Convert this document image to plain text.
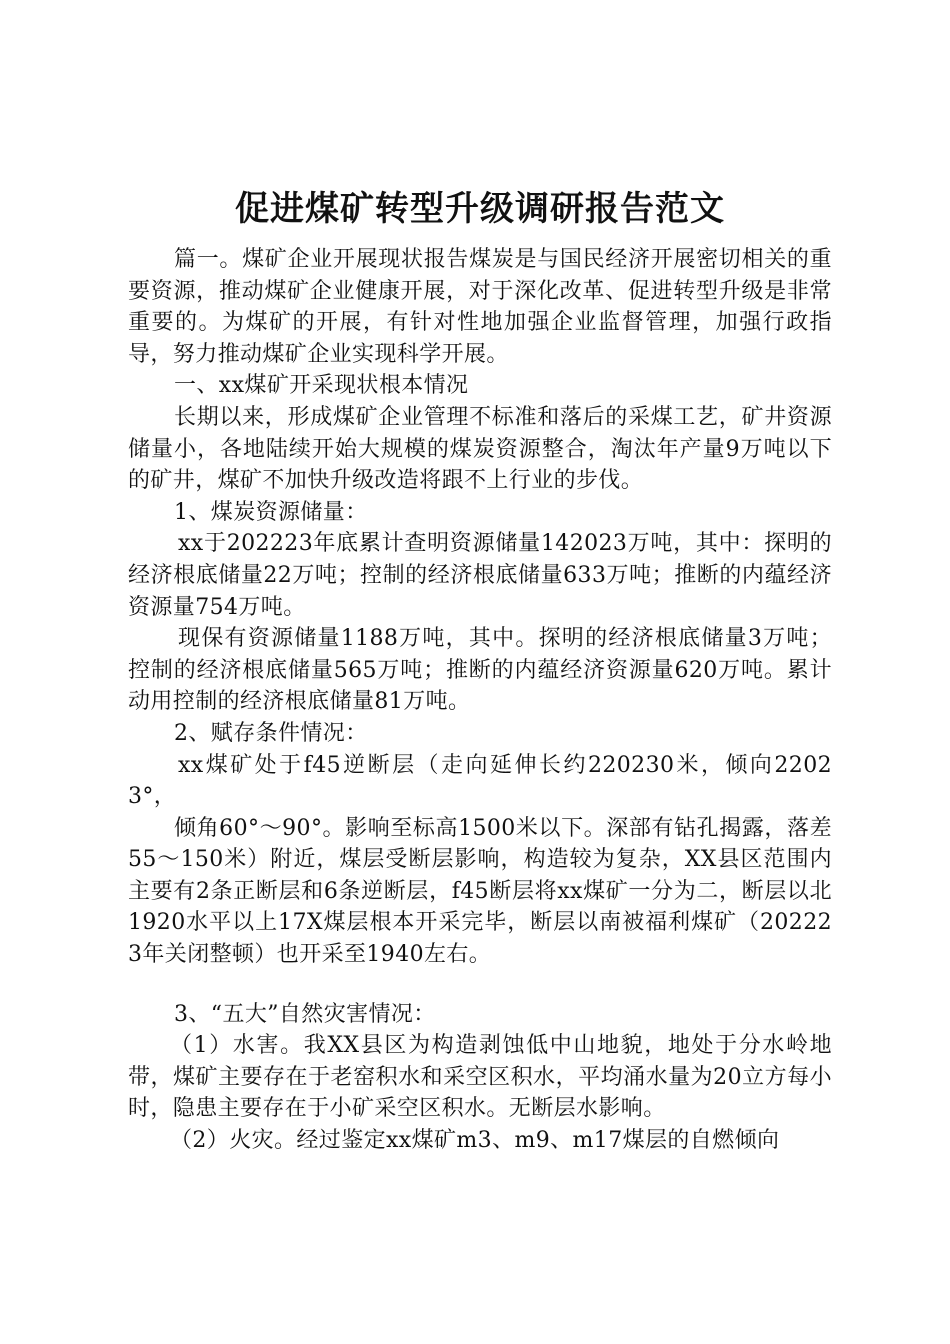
促进煤矿转型升级调研报告范文

篇一。煤矿企业开展现状报告煤炭是与国民经济开展密切相关的重要资源，推动煤矿企业健康开展，对于深化改革、促进转型升级是非常重要的。为煤矿的开展，有针对性地加强企业监督管理，加强行政指导，努力推动煤矿企业实现科学开展。

一、xx煤矿开采现状根本情况

长期以来，形成煤矿企业管理不标准和落后的采煤工艺，矿井资源储量小，各地陆续开始大规模的煤炭资源整合，淘汰年产量9万吨以下的矿井，煤矿不加快升级改造将跟不上行业的步伐。

1、煤炭资源储量：

xx于202223年底累计查明资源储量142023万吨，其中：探明的经济根底储量22万吨；控制的经济根底储量633万吨；推断的内蕴经济资源量754万吨。

现保有资源储量1188万吨，其中。探明的经济根底储量3万吨；控制的经济根底储量565万吨；推断的内蕴经济资源量620万吨。累计动用控制的经济根底储量81万吨。

2、赋存条件情况：

xx煤矿处于f45逆断层（走向延伸长约220230米，倾向22023°，

倾角60°～90°。影响至标高1500米以下。深部有钻孔揭露，落差55～150米）附近，煤层受断层影响，构造较为复杂，XX县区范围内主要有2条正断层和6条逆断层，f45断层将xx煤矿一分为二，断层以北1920水平以上17X煤层根本开采完毕，断层以南被福利煤矿（202223年关闭整顿）也开采至1940左右。

3、“五大”自然灾害情况：

（1）水害。我XX县区为构造剥蚀低中山地貌，地处于分水岭地带，煤矿主要存在于老窑积水和采空区积水，平均涌水量为20立方每小时，隐患主要存在于小矿采空区积水。无断层水影响。

（2）火灾。经过鉴定xx煤矿m3、m9、m17煤层的自燃倾向
